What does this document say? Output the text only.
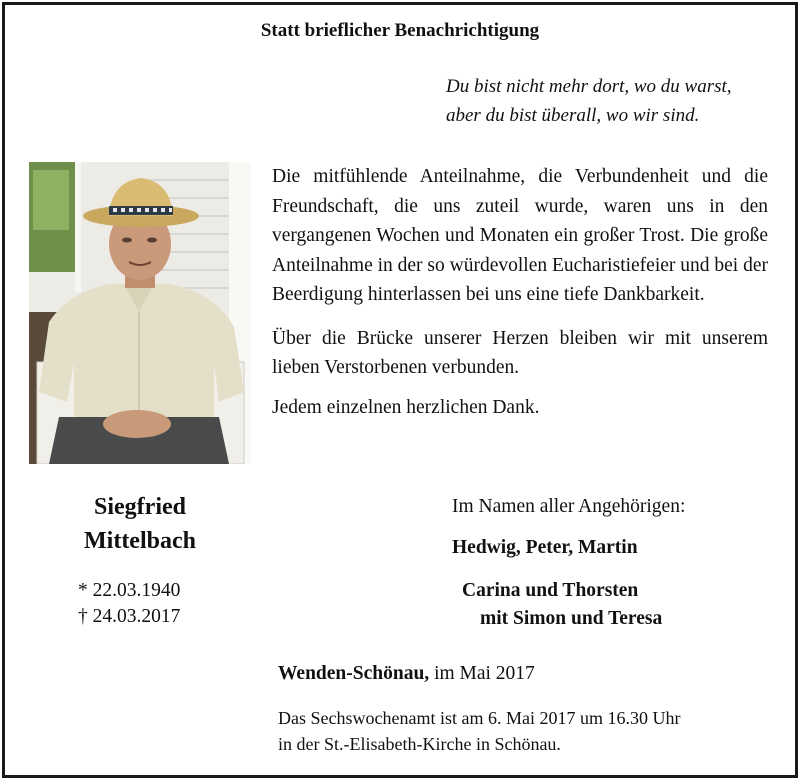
Statt brieflicher Benachrichtigung
Du bist nicht mehr dort, wo du warst,
aber du bist überall, wo wir sind.

Die mitfühlende Anteilnahme, die Verbundenheit und die Freundschaft, die uns zuteil wurde, waren uns in den vergangenen Wochen und Monaten ein großer Trost. Die große Anteilnahme in der so würdevollen Eucharistiefeier und bei der Beerdigung hinterlassen bei uns eine tiefe Dankbarkeit.

Über die Brücke unserer Herzen bleiben wir mit unserem lieben Verstorbenen verbunden.

Jedem einzelnen herzlichen Dank.

Siegfried
Mittelbach
* 22.03.1940
† 24.03.2017
Im Namen aller Angehörigen:
Hedwig, Peter, Martin
Carina und Thorsten
mit Simon und Teresa
Wenden-Schönau, im Mai 2017
Das Sechswochenamt ist am 6. Mai 2017 um 16.30 Uhr
in der St.-Elisabeth-Kirche in Schönau.
